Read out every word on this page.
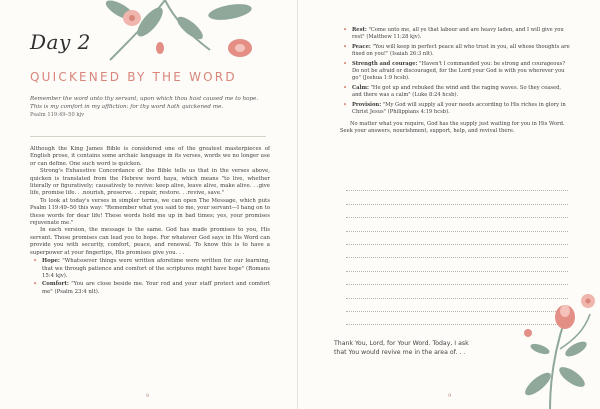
Day 2
QUICKENED BY THE WORD
Remember the word unto thy servant, upon which thou hast caused me to hope. This is my comfort in my affliction: for thy word hath quickened me.
Psalm 119:49–50 kjv

Although the King James Bible is considered one of the greatest masterpieces of English prose, it contains some archaic language in its verses, words we no longer use or can define. One such word is quicken.

Strong's Exhaustive Concordance of the Bible tells us that in the verses above, quicken is translated from the Hebrew word haya, which means "to live, whether literally or figuratively; causatively to revive: keep alive, leave alive, make alive. . .give life, promise life. . .nourish, preserve. . .repair, restore. . .revive, save."

To look at today's verses in simpler terms, we can open The Message, which puts Psalm 119:49–50 this way: "Remember what you said to me, your servant—I hang on to these words for dear life! These words hold me up in bad times; yes, your promises rejuvenate me."

In each version, the message is the same. God has made promises to you, His servant. Those promises can lead you to hope. For whatever God says in His Word can provide you with security, comfort, peace, and renewal. To know this is to have a superpower at your fingertips, His promises give you. . .

• Hope: "Whatsoever things were written aforetime were written for our learning, that we through patience and comfort of the scriptures might have hope" (Romans 15:4 kjv).
• Comfort: "You are close beside me. Your rod and your staff protect and comfort me" (Psalm 23:4 nlt).
8
• Rest: "Come unto me, all ye that labour and are heavy laden, and I will give you rest" (Matthew 11:28 kjv).
• Peace: "You will keep in perfect peace all who trust in you, all whose thoughts are fixed on you!" (Isaiah 26:3 nlt).
• Strength and courage: "Haven't I commanded you: be strong and courageous? Do not be afraid or discouraged, for the Lord your God is with you wherever you go" (Joshua 1:9 hcsb).
• Calm: "He got up and rebuked the wind and the raging waves. So they ceased, and there was a calm" (Luke 8:24 hcsb).
• Provision: "My God will supply all your needs according to His riches in glory in Christ Jesus" (Philippians 4:19 hcsb).

No matter what you require, God has the supply just waiting for you in His Word. Seek your answers, nourishment, support, help, and revival there.

Thank You, Lord, for Your Word. Today, I ask that You would revive me in the area of. . .
9
